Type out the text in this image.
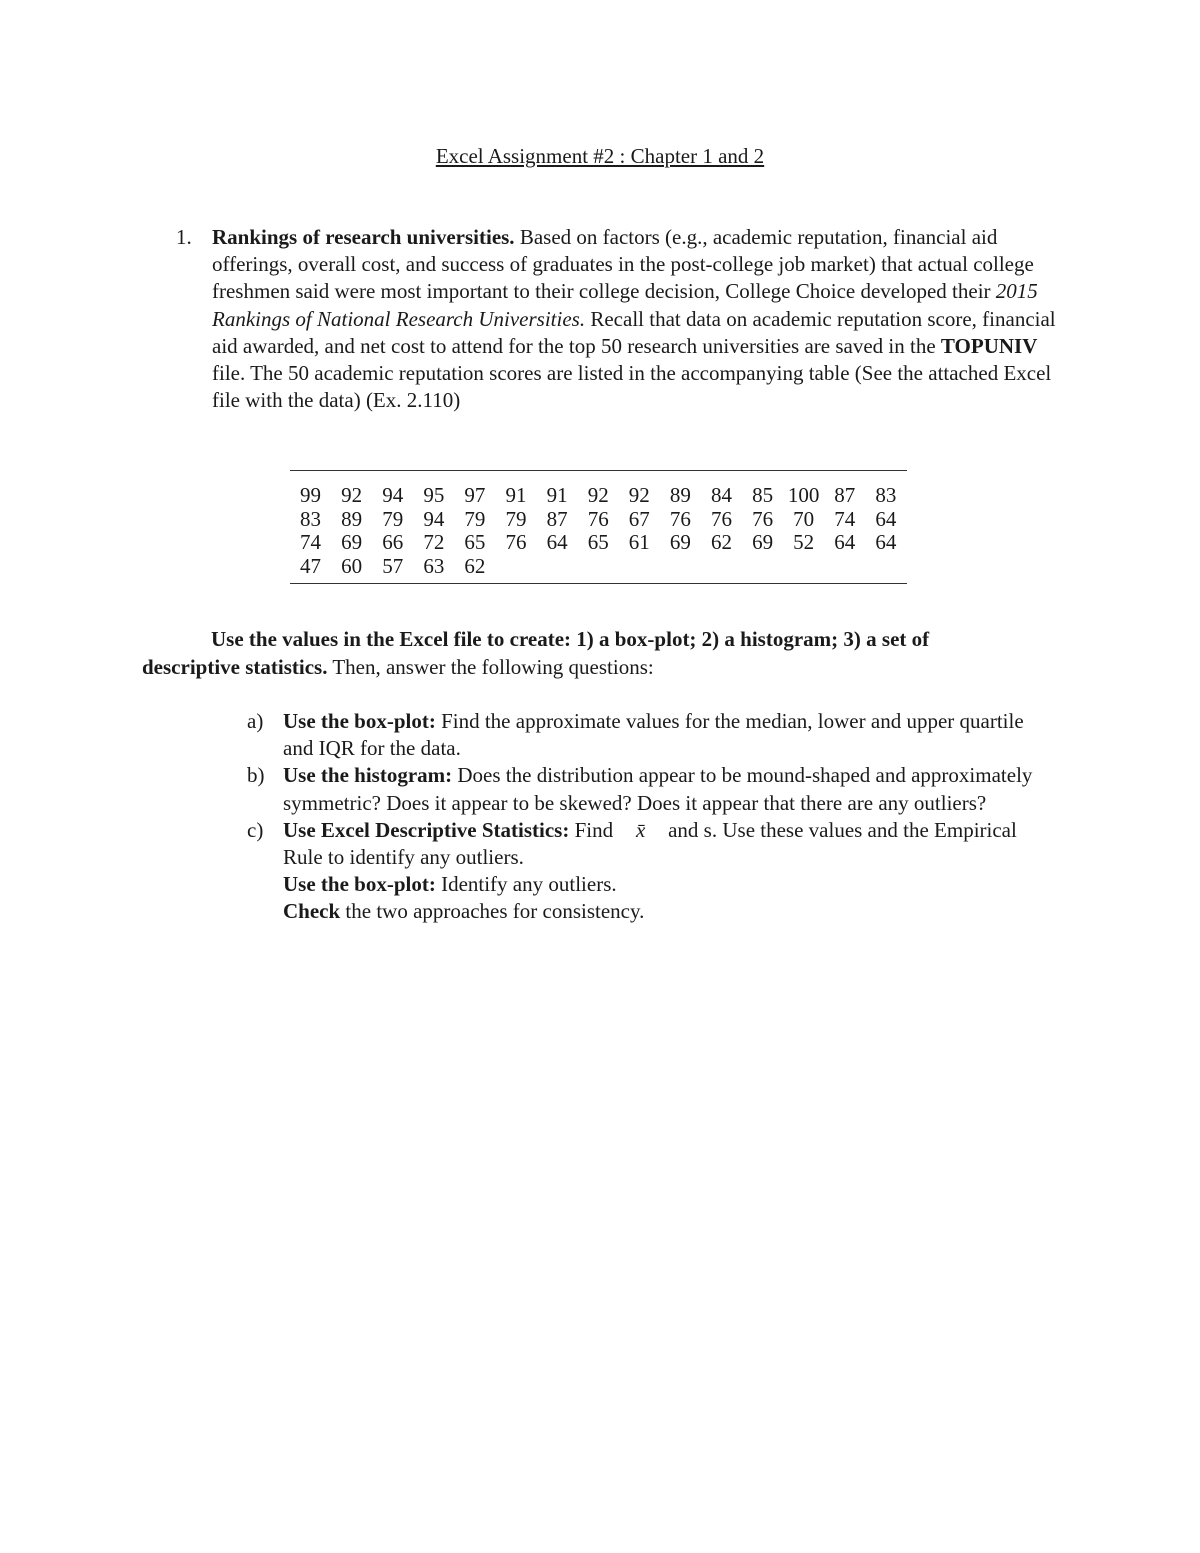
Excel Assignment #2 : Chapter 1 and 2
1. Rankings of research universities. Based on factors (e.g., academic reputation, financial aid offerings, overall cost, and success of graduates in the post-college job market) that actual college freshmen said were most important to their college decision, College Choice developed their 2015 Rankings of National Research Universities. Recall that data on academic reputation score, financial aid awarded, and net cost to attend for the top 50 research universities are saved in the TOPUNIV file. The 50 academic reputation scores are listed in the accompanying table (See the attached Excel file with the data) (Ex. 2.110)
99 92 94 95 97 91 91 92 92 89 84 85 100 87 83
83 89 79 94 79 79 87 76 67 76 76 76 70 74 64
74 69 66 72 65 76 64 65 61 69 62 69 52 64 64
47 60 57 63 62
Use the values in the Excel file to create: 1) a box-plot; 2) a histogram; 3) a set of descriptive statistics. Then, answer the following questions:
a) Use the box-plot: Find the approximate values for the median, lower and upper quartile and IQR for the data.
b) Use the histogram: Does the distribution appear to be mound-shaped and approximately symmetric? Does it appear to be skewed? Does it appear that there are any outliers?
c) Use Excel Descriptive Statistics: Find x̄ and s. Use these values and the Empirical Rule to identify any outliers.
Use the box-plot: Identify any outliers.
Check the two approaches for consistency.
